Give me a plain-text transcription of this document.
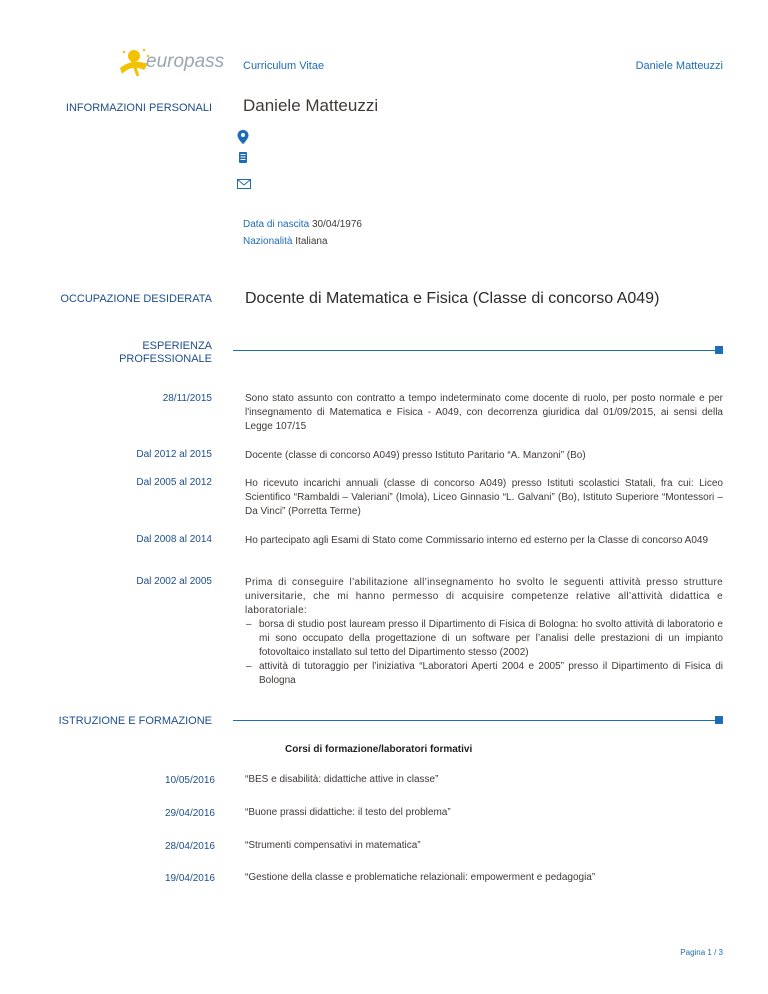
europass Curriculum Vitae	Daniele Matteuzzi
INFORMAZIONI PERSONALI Daniele Matteuzzi
Data di nascita 30/04/1976
Nazionalità Italiana
OCCUPAZIONE DESIDERATA Docente di Matematica e Fisica (Classe di concorso A049)
ESPERIENZA
PROFESSIONALE
28/11/2015	Sono stato assunto con contratto a tempo indeterminato come docente di ruolo, per posto normale e per l'insegnamento di Matematica e Fisica - A049, con decorrenza giuridica dal 01/09/2015, ai sensi della Legge 107/15
Dal 2012 al 2015	Docente (classe di concorso A049) presso Istituto Paritario “A. Manzoni” (Bo)
Dal 2005 al 2012	Ho ricevuto incarichi annuali (classe di concorso A049) presso Istituti scolastici Statali, fra cui: Liceo Scientifico “Rambaldi – Valeriani” (Imola), Liceo Ginnasio “L. Galvani” (Bo), Istituto Superiore “Montessori – Da Vinci” (Porretta Terme)
Dal 2008 al 2014	Ho partecipato agli Esami di Stato come Commissario interno ed esterno per la Classe di concorso A049
Dal 2002 al 2005	Prima di conseguire l’abilitazione all’insegnamento ho svolto le seguenti attività presso strutture universitarie, che mi hanno permesso di acquisire competenze relative all’attività didattica e laboratoriale:
– borsa di studio post lauream presso il Dipartimento di Fisica di Bologna: ho svolto attività di laboratorio e mi sono occupato della progettazione di un software per l’analisi delle prestazioni di un impianto fotovoltaico installato sul tetto del Dipartimento stesso (2002)
– attività di tutoraggio per l’iniziativa “Laboratori Aperti 2004 e 2005” presso il Dipartimento di Fisica di Bologna
ISTRUZIONE E FORMAZIONE
Corsi di formazione/laboratori formativi
10/05/2016	“BES e disabilità: didattiche attive in classe”
29/04/2016	“Buone prassi didattiche: il testo del problema”
28/04/2016	“Strumenti compensativi in matematica”
19/04/2016	“Gestione della classe e problematiche relazionali: empowerment e pedagogia”
Pagina 1 / 3
